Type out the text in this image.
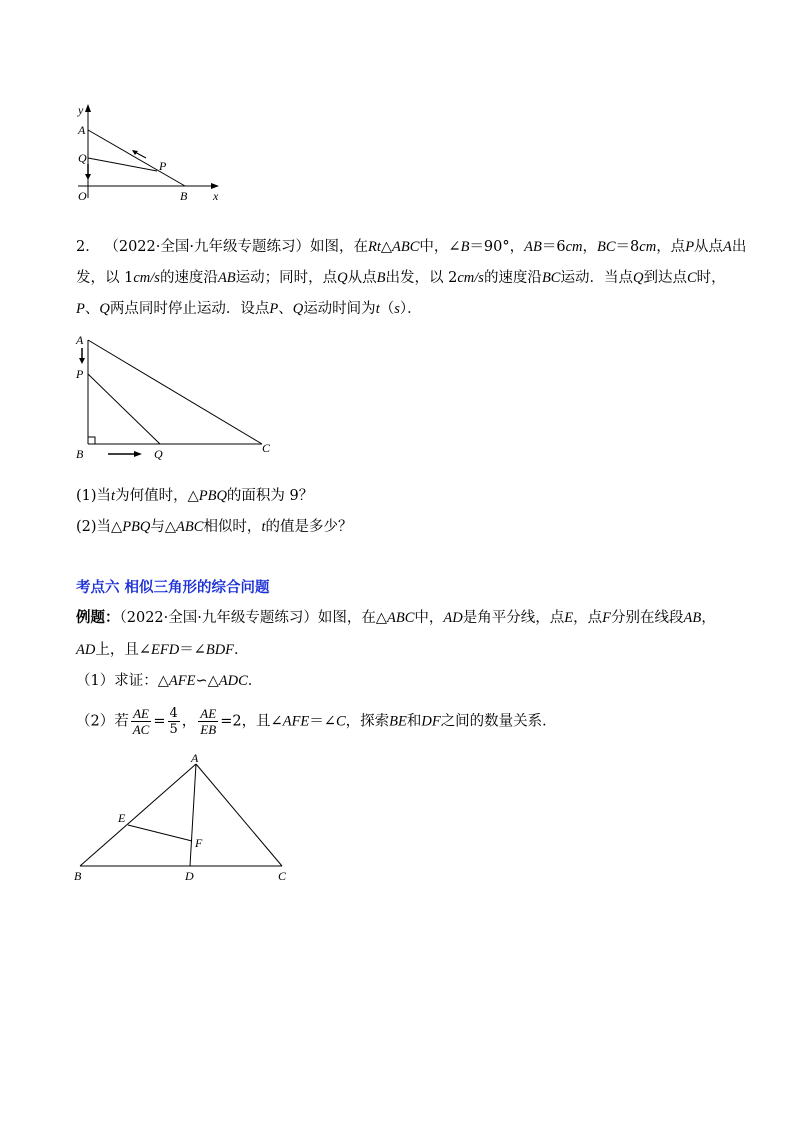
y
A
Q
P
O	B x
2． （2022·全国·九年级专题练习）如图，在Rt△ABC中，∠B＝90°，AB＝6cm，BC＝8cm，点P从点A出
发，以 1cm/s的速度沿AB运动；同时，点Q从点B出发，以 2cm/s的速度沿BC运动．当点Q到达点C时，
P、Q两点同时停止运动．设点P、Q运动时间为t（s）．
A
P
B	Q	C
(1)当t为何值时，△PBQ的面积为 9？
(2)当△PBQ与△ABC相似时，t的值是多少？
考点六 相似三角形的综合问题
例题：（2022·全国·九年级专题练习）如图，在△ABC中，AD是角平分线，点E，点F分别在线段AB，
AD上，且∠EFD＝∠BDF．
（1）求证：△AFE∽△ADC．
（2）若 $\frac{AE}{AC} = \frac{4}{5}$ ， $\frac{AE}{EB} =2$，且∠AFE＝∠C，探索BE和DF之间的数量关系．
A
E
F
B	D	C
